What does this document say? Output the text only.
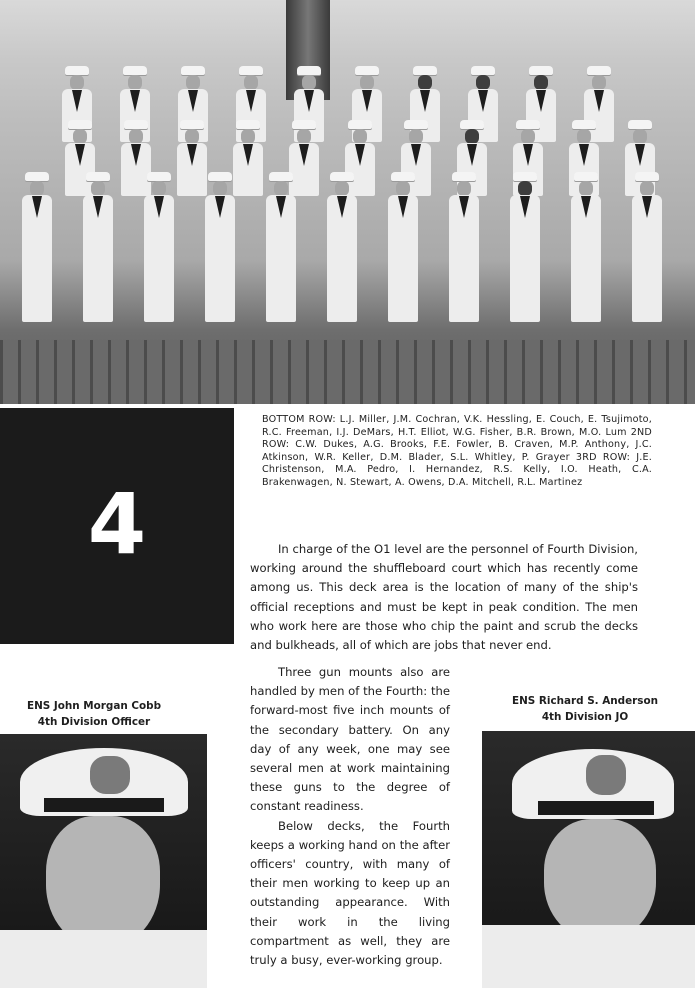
4
BOTTOM ROW: L.J. Miller, J.M. Cochran, V.K. Hessling, E. Couch, E. Tsujimoto, R.C. Freeman, I.J. DeMars, H.T. Elliot, W.G. Fisher, B.R. Brown, M.O. Lum 2ND ROW: C.W. Dukes, A.G. Brooks, F.E. Fowler, B. Craven, M.P. Anthony, J.C. Atkinson, W.R. Keller, D.M. Blader, S.L. Whitley, P. Grayer 3RD ROW: J.E. Christenson, M.A. Pedro, I. Hernandez, R.S. Kelly, I.O. Heath, C.A. Brakenwagen, N. Stewart, A. Owens, D.A. Mitchell, R.L. Martinez

In charge of the O1 level are the personnel of Fourth Division, working around the shuffleboard court which has recently come among us. This deck area is the location of many of the ship's official receptions and must be kept in peak condition. The men who work here are those who chip the paint and scrub the decks and bulkheads, all of which are jobs that never end.

Three gun mounts also are handled by men of the Fourth: the forward-most five inch mounts of the secondary battery. On any day of any week, one may see several men at work maintaining these guns to the degree of constant readiness.

Below decks, the Fourth keeps a working hand on the after officers' country, with many of their men working to keep up an outstanding appearance. With their work in the living compartment as well, they are truly a busy, ever-working group.

ENS John Morgan Cobb
4th Division Officer
ENS Richard S. Anderson
4th Division JO
